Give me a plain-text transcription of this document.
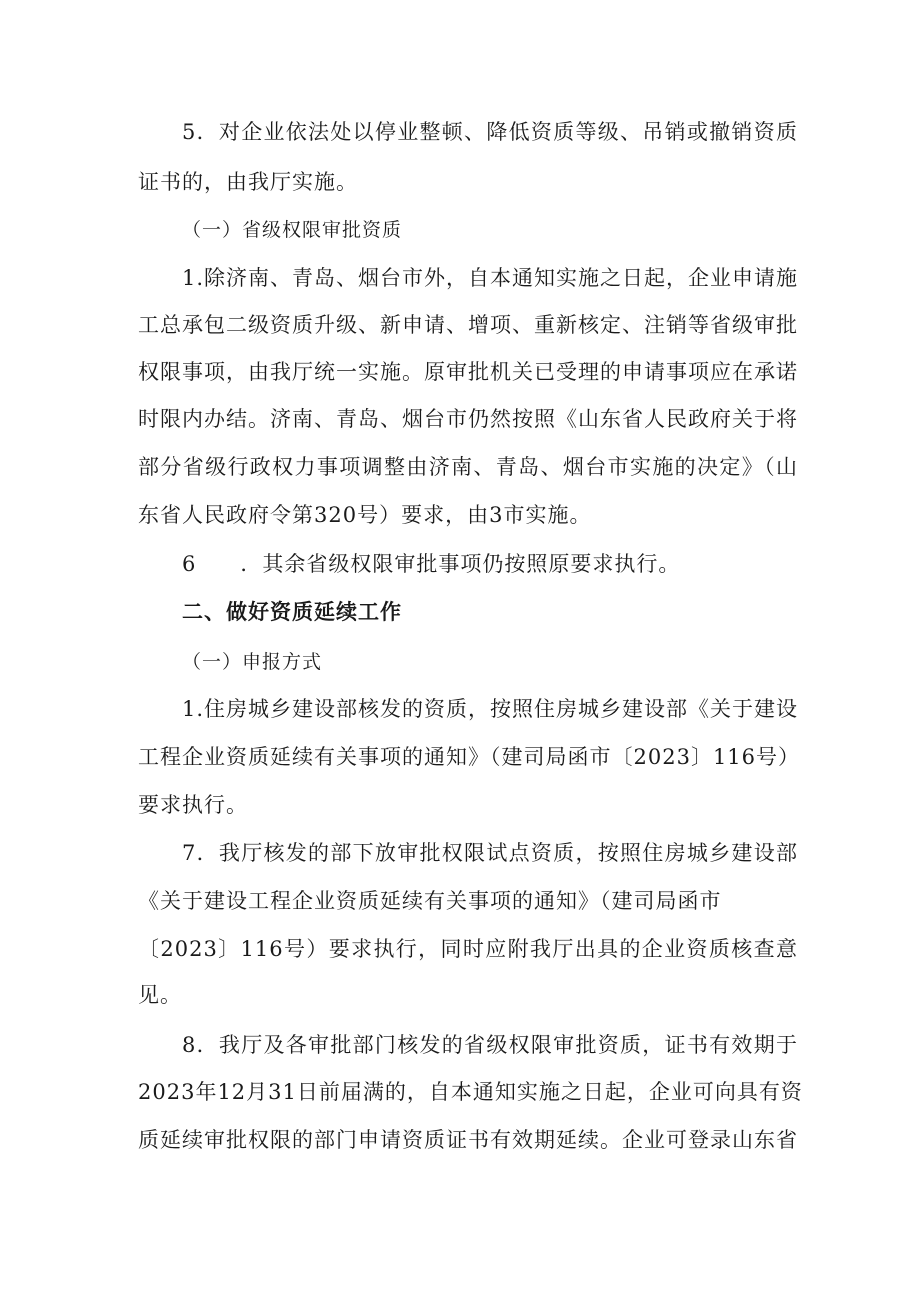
5．对企业依法处以停业整顿、降低资质等级、吊销或撤销资质
证书的，由我厅实施。
（一）省级权限审批资质
1.除济南、青岛、烟台市外，自本通知实施之日起，企业申请施
工总承包二级资质升级、新申请、增项、重新核定、注销等省级审批
权限事项，由我厅统一实施。原审批机关已受理的申请事项应在承诺
时限内办结。济南、青岛、烟台市仍然按照《山东省人民政府关于将
部分省级行政权力事项调整由济南、青岛、烟台市实施的决定》（山
东省人民政府令第320号）要求，由3市实施。
6　　．其余省级权限审批事项仍按照原要求执行。
二、做好资质延续工作
（一）申报方式
1.住房城乡建设部核发的资质，按照住房城乡建设部《关于建设
工程企业资质延续有关事项的通知》（建司局函市〔2023〕116号）
要求执行。
7．我厅核发的部下放审批权限试点资质，按照住房城乡建设部
《关于建设工程企业资质延续有关事项的通知》（建司局函市
〔2023〕116号）要求执行，同时应附我厅出具的企业资质核查意
见。
8．我厅及各审批部门核发的省级权限审批资质，证书有效期于
2023年12月31日前届满的，自本通知实施之日起，企业可向具有资
质延续审批权限的部门申请资质证书有效期延续。企业可登录山东省
